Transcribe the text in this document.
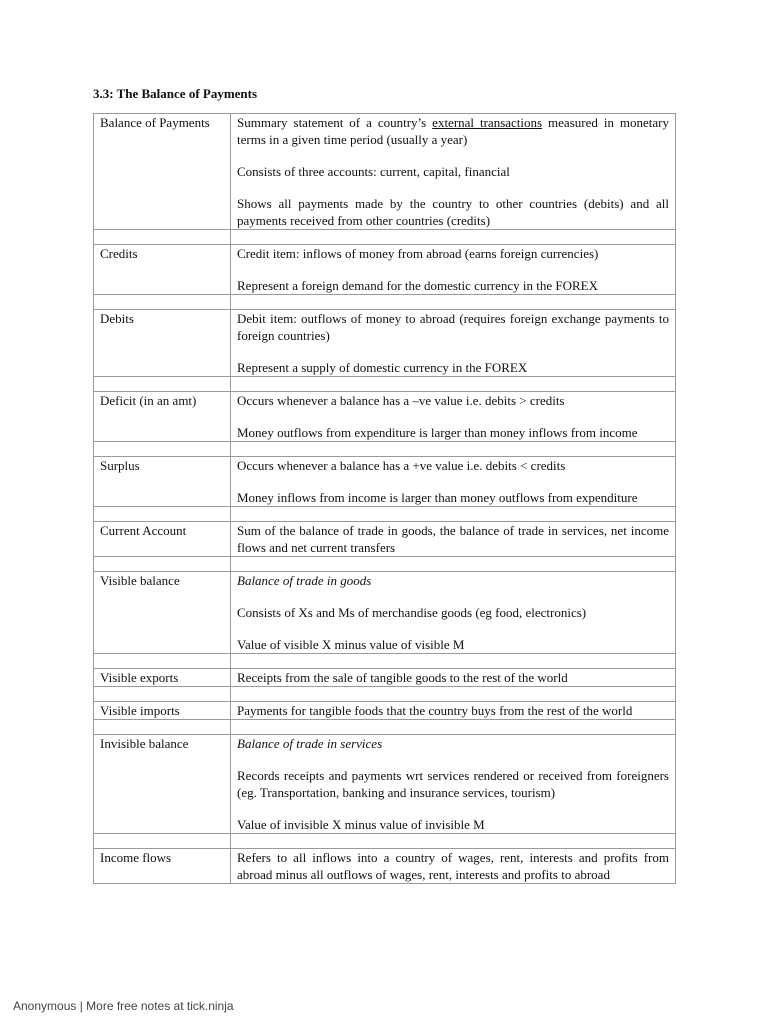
3.3: The Balance of Payments
Balance of Payments	Summary statement of a country’s external transactions measured in monetary terms in a given time period (usually a year)

Consists of three accounts: current, capital, financial

Shows all payments made by the country to other countries (debits) and all payments received from other countries (credits)

Credits	Credit item: inflows of money from abroad (earns foreign currencies)

Represent a foreign demand for the domestic currency in the FOREX

Debits	Debit item: outflows of money to abroad (requires foreign exchange payments to foreign countries)

Represent a supply of domestic currency in the FOREX

Deficit (in an amt)	Occurs whenever a balance has a –ve value i.e. debits > credits

Money outflows from expenditure is larger than money inflows from income

Surplus	Occurs whenever a balance has a +ve value i.e. debits < credits

Money inflows from income is larger than money outflows from expenditure

Current Account	Sum of the balance of trade in goods, the balance of trade in services, net income flows and net current transfers

Visible balance	Balance of trade in goods

Consists of Xs and Ms of merchandise goods (eg food, electronics)

Value of visible X minus value of visible M

Visible exports	Receipts from the sale of tangible goods to the rest of the world

Visible imports	Payments for tangible foods that the country buys from the rest of the world

Invisible balance	Balance of trade in services

Records receipts and payments wrt services rendered or received from foreigners (eg. Transportation, banking and insurance services, tourism)

Value of invisible X minus value of invisible M

Income flows	Refers to all inflows into a country of wages, rent, interests and profits from abroad minus all outflows of wages, rent, interests and profits to abroad

Anonymous | More free notes at tick.ninja
